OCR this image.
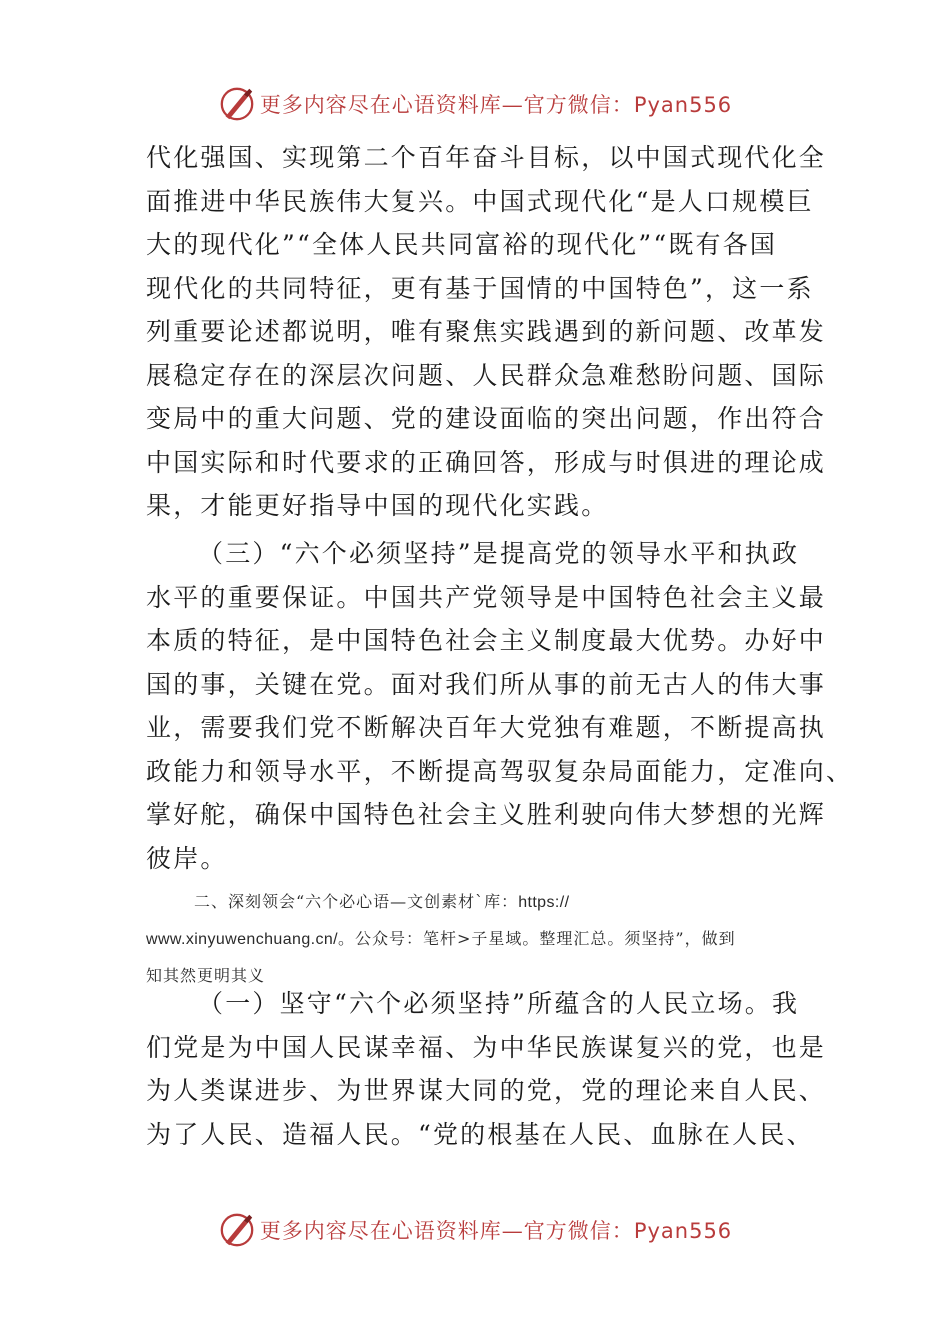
更多内容尽在心语资料库—官方微信：Pyan556
代化强国、实现第二个百年奋斗目标，以中国式现代化全
面推进中华民族伟大复兴。中国式现代化“是人口规模巨
大的现代化”“全体人民共同富裕的现代化”“既有各国
现代化的共同特征，更有基于国情的中国特色”，这一系
列重要论述都说明，唯有聚焦实践遇到的新问题、改革发
展稳定存在的深层次问题、人民群众急难愁盼问题、国际
变局中的重大问题、党的建设面临的突出问题，作出符合
中国实际和时代要求的正确回答，形成与时俱进的理论成
果，才能更好指导中国的现代化实践。
（三）“六个必须坚持”是提高党的领导水平和执政
水平的重要保证。中国共产党领导是中国特色社会主义最
本质的特征，是中国特色社会主义制度最大优势。办好中
国的事，关键在党。面对我们所从事的前无古人的伟大事
业，需要我们党不断解决百年大党独有难题，不断提高执
政能力和领导水平，不断提高驾驭复杂局面能力，定准向、
掌好舵，确保中国特色社会主义胜利驶向伟大梦想的光辉
彼岸。
二、深刻领会“六个必心语—文创素材`库：https://
www.xinyuwenchuang.cn/。公众号：笔杆>子星域。整理汇总。须坚持”，做到
知其然更明其义
（一）坚守“六个必须坚持”所蕴含的人民立场。我
们党是为中国人民谋幸福、为中华民族谋复兴的党，也是
为人类谋进步、为世界谋大同的党，党的理论来自人民、
为了人民、造福人民。“党的根基在人民、血脉在人民、
更多内容尽在心语资料库—官方微信：Pyan556
